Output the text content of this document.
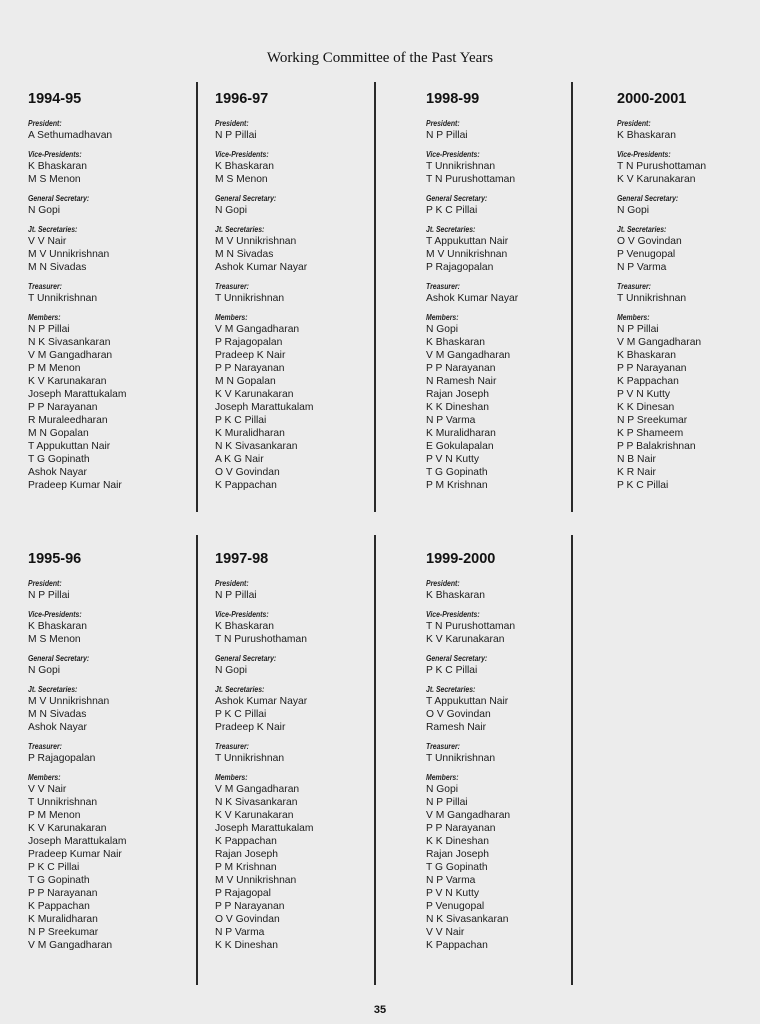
Working Committee of the Past Years
1994-95
President:
A Sethumadhavan
Vice-Presidents:
K Bhaskaran
M S Menon
General Secretary:
N Gopi
Jt. Secretaries:
V V Nair
M V Unnikrishnan
M N Sivadas
Treasurer:
T Unnikrishnan
Members:
N P Pillai
N K Sivasankaran
V M Gangadharan
P M Menon
K V Karunakaran
Joseph Marattukalam
P P Narayanan
R Muraleedharan
M N Gopalan
T Appukuttan Nair
T G Gopinath
Ashok Nayar
Pradeep Kumar Nair
1996-97
President:
N P Pillai
Vice-Presidents:
K Bhaskaran
M S Menon
General Secretary:
N Gopi
Jt. Secretaries:
M V Unnikrishnan
M N Sivadas
Ashok Kumar Nayar
Treasurer:
T Unnikrishnan
Members:
V M Gangadharan
P Rajagopalan
Pradeep K Nair
P P Narayanan
M N Gopalan
K V Karunakaran
Joseph Marattukalam
P K C Pillai
K Muralidharan
N K Sivasankaran
A K G Nair
O V Govindan
K Pappachan
1998-99
President:
N P Pillai
Vice-Presidents:
T Unnikrishnan
T N Purushottaman
General Secretary:
P K C Pillai
Jt. Secretaries:
T Appukuttan Nair
M V Unnikrishnan
P Rajagopalan
Treasurer:
Ashok Kumar Nayar
Members:
N Gopi
K Bhaskaran
V M Gangadharan
P P Narayanan
N Ramesh Nair
Rajan Joseph
K K Dineshan
N P Varma
K Muralidharan
E Gokulapalan
P V N Kutty
T G Gopinath
P M Krishnan
2000-2001
President:
K Bhaskaran
Vice-Presidents:
T N Purushottaman
K V Karunakaran
General Secretary:
N Gopi
Jt. Secretaries:
O V Govindan
P Venugopal
N P Varma
Treasurer:
T Unnikrishnan
Members:
N P Pillai
V M Gangadharan
K Bhaskaran
P P Narayanan
K Pappachan
P V N Kutty
K K Dinesan
N P Sreekumar
K P Shameem
P P Balakrishnan
N B Nair
K R Nair
P K C Pillai
1995-96
President:
N P Pillai
Vice-Presidents:
K Bhaskaran
M S Menon
General Secretary:
N Gopi
Jt. Secretaries:
M V Unnikrishnan
M N Sivadas
Ashok Nayar
Treasurer:
P Rajagopalan
Members:
V V Nair
T Unnikrishnan
P M Menon
K V Karunakaran
Joseph Marattukalam
Pradeep Kumar Nair
P K C Pillai
T G Gopinath
P P Narayanan
K Pappachan
K Muralidharan
N P Sreekumar
V M Gangadharan
1997-98
President:
N P Pillai
Vice-Presidents:
K Bhaskaran
T N Purushothaman
General Secretary:
N Gopi
Jt. Secretaries:
Ashok Kumar Nayar
P K C Pillai
Pradeep K Nair
Treasurer:
T Unnikrishnan
Members:
V M Gangadharan
N K Sivasankaran
K V Karunakaran
Joseph Marattukalam
K Pappachan
Rajan Joseph
P M Krishnan
M V Unnikrishnan
P Rajagopal
P P Narayanan
O V Govindan
N P Varma
K K Dineshan
1999-2000
President:
K Bhaskaran
Vice-Presidents:
T N Purushottaman
K V Karunakaran
General Secretary:
P K C Pillai
Jt. Secretaries:
T Appukuttan Nair
O V Govindan
Ramesh Nair
Treasurer:
T Unnikrishnan
Members:
N Gopi
N P Pillai
V M Gangadharan
P P Narayanan
K K Dineshan
Rajan Joseph
T G Gopinath
N P Varma
P V N Kutty
P Venugopal
N K Sivasankaran
V V Nair
K Pappachan
35
